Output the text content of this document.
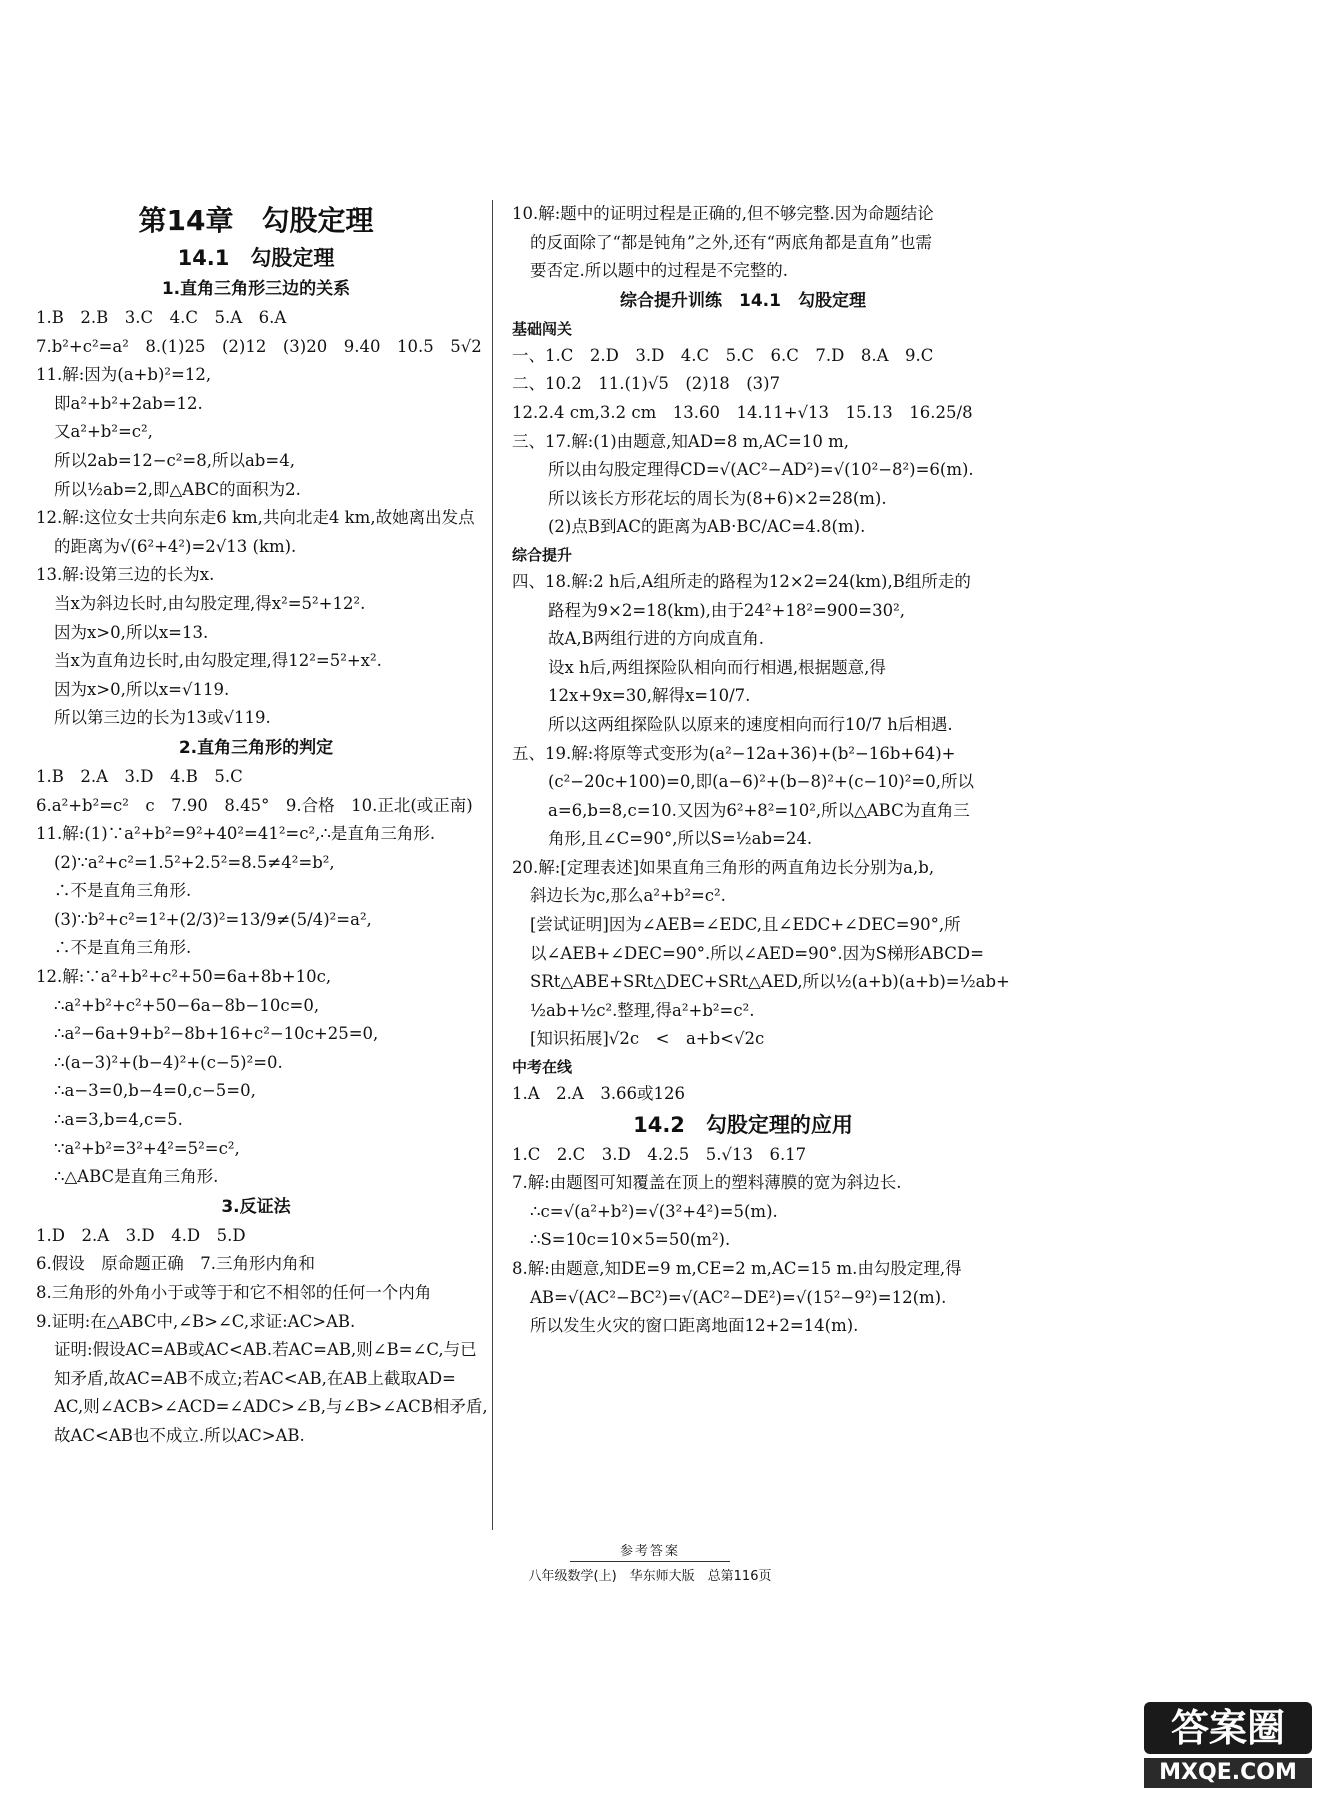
第14章　勾股定理
14.1　勾股定理
1.直角三角形三边的关系
1.B　2.B　3.C　4.C　5.A　6.A
7.b²+c²=a²　8.(1)25　(2)12　(3)20　9.40　10.5　5√2
11.解:因为(a+b)²=12,
即a²+b²+2ab=12.
又a²+b²=c²,
所以2ab=12−c²=8,所以ab=4,
所以½ab=2,即△ABC的面积为2.
12.解:这位女士共向东走6 km,共向北走4 km,故她离出发点
的距离为√(6²+4²)=2√13 (km).
13.解:设第三边的长为x.
当x为斜边长时,由勾股定理,得x²=5²+12².
因为x>0,所以x=13.
当x为直角边长时,由勾股定理,得12²=5²+x².
因为x>0,所以x=√119.
所以第三边的长为13或√119.
2.直角三角形的判定
1.B　2.A　3.D　4.B　5.C
6.a²+b²=c²　c　7.90　8.45°　9.合格　10.正北(或正南)
11.解:(1)∵a²+b²=9²+40²=41²=c²,∴是直角三角形.
(2)∵a²+c²=1.5²+2.5²=8.5≠4²=b²,
∴不是直角三角形.
(3)∵b²+c²=1²+(2/3)²=13/9≠(5/4)²=a²,
∴不是直角三角形.
12.解:∵a²+b²+c²+50=6a+8b+10c,
∴a²+b²+c²+50−6a−8b−10c=0,
∴a²−6a+9+b²−8b+16+c²−10c+25=0,
∴(a−3)²+(b−4)²+(c−5)²=0.
∴a−3=0,b−4=0,c−5=0,
∴a=3,b=4,c=5.
∵a²+b²=3²+4²=5²=c²,
∴△ABC是直角三角形.
3.反证法
1.D　2.A　3.D　4.D　5.D
6.假设　原命题正确　7.三角形内角和
8.三角形的外角小于或等于和它不相邻的任何一个内角
9.证明:在△ABC中,∠B>∠C,求证:AC>AB.
证明:假设AC=AB或AC<AB.若AC=AB,则∠B=∠C,与已
知矛盾,故AC=AB不成立;若AC<AB,在AB上截取AD=
AC,则∠ACB>∠ACD=∠ADC>∠B,与∠B>∠ACB相矛盾,
故AC<AB也不成立.所以AC>AB.
10.解:题中的证明过程是正确的,但不够完整.因为命题结论
的反面除了“都是钝角”之外,还有“两底角都是直角”也需
要否定.所以题中的过程是不完整的.
综合提升训练　14.1　勾股定理
基础闯关
一、1.C　2.D　3.D　4.C　5.C　6.C　7.D　8.A　9.C
二、10.2　11.(1)√5　(2)18　(3)7
12.2.4 cm,3.2 cm　13.60　14.11+√13　15.13　16.25/8
三、17.解:(1)由题意,知AD=8 m,AC=10 m,
所以由勾股定理得CD=√(AC²−AD²)=√(10²−8²)=6(m).
所以该长方形花坛的周长为(8+6)×2=28(m).
(2)点B到AC的距离为AB·BC/AC=4.8(m).
综合提升
四、18.解:2 h后,A组所走的路程为12×2=24(km),B组所走的
路程为9×2=18(km),由于24²+18²=900=30²,
故A,B两组行进的方向成直角.
设x h后,两组探险队相向而行相遇,根据题意,得
12x+9x=30,解得x=10/7.
所以这两组探险队以原来的速度相向而行10/7 h后相遇.
五、19.解:将原等式变形为(a²−12a+36)+(b²−16b+64)+
(c²−20c+100)=0,即(a−6)²+(b−8)²+(c−10)²=0,所以
a=6,b=8,c=10.又因为6²+8²=10²,所以△ABC为直角三
角形,且∠C=90°,所以S=½ab=24.
20.解:[定理表述]如果直角三角形的两直角边长分别为a,b,
斜边长为c,那么a²+b²=c².
[尝试证明]因为∠AEB=∠EDC,且∠EDC+∠DEC=90°,所
以∠AEB+∠DEC=90°.所以∠AED=90°.因为S梯形ABCD=
SRt△ABE+SRt△DEC+SRt△AED,所以½(a+b)(a+b)=½ab+
½ab+½c².整理,得a²+b²=c².
[知识拓展]√2c　<　a+b<√2c
中考在线
1.A　2.A　3.66或126
14.2　勾股定理的应用
1.C　2.C　3.D　4.2.5　5.√13　6.17
7.解:由题图可知覆盖在顶上的塑料薄膜的宽为斜边长.
∴c=√(a²+b²)=√(3²+4²)=5(m).
∴S=10c=10×5=50(m²).
8.解:由题意,知DE=9 m,CE=2 m,AC=15 m.由勾股定理,得
AB=√(AC²−BC²)=√(AC²−DE²)=√(15²−9²)=12(m).
所以发生火灾的窗口距离地面12+2=14(m).
参考答案
八年级数学(上)　华东师大版　总第116页
答案圈
MXQE.COM
